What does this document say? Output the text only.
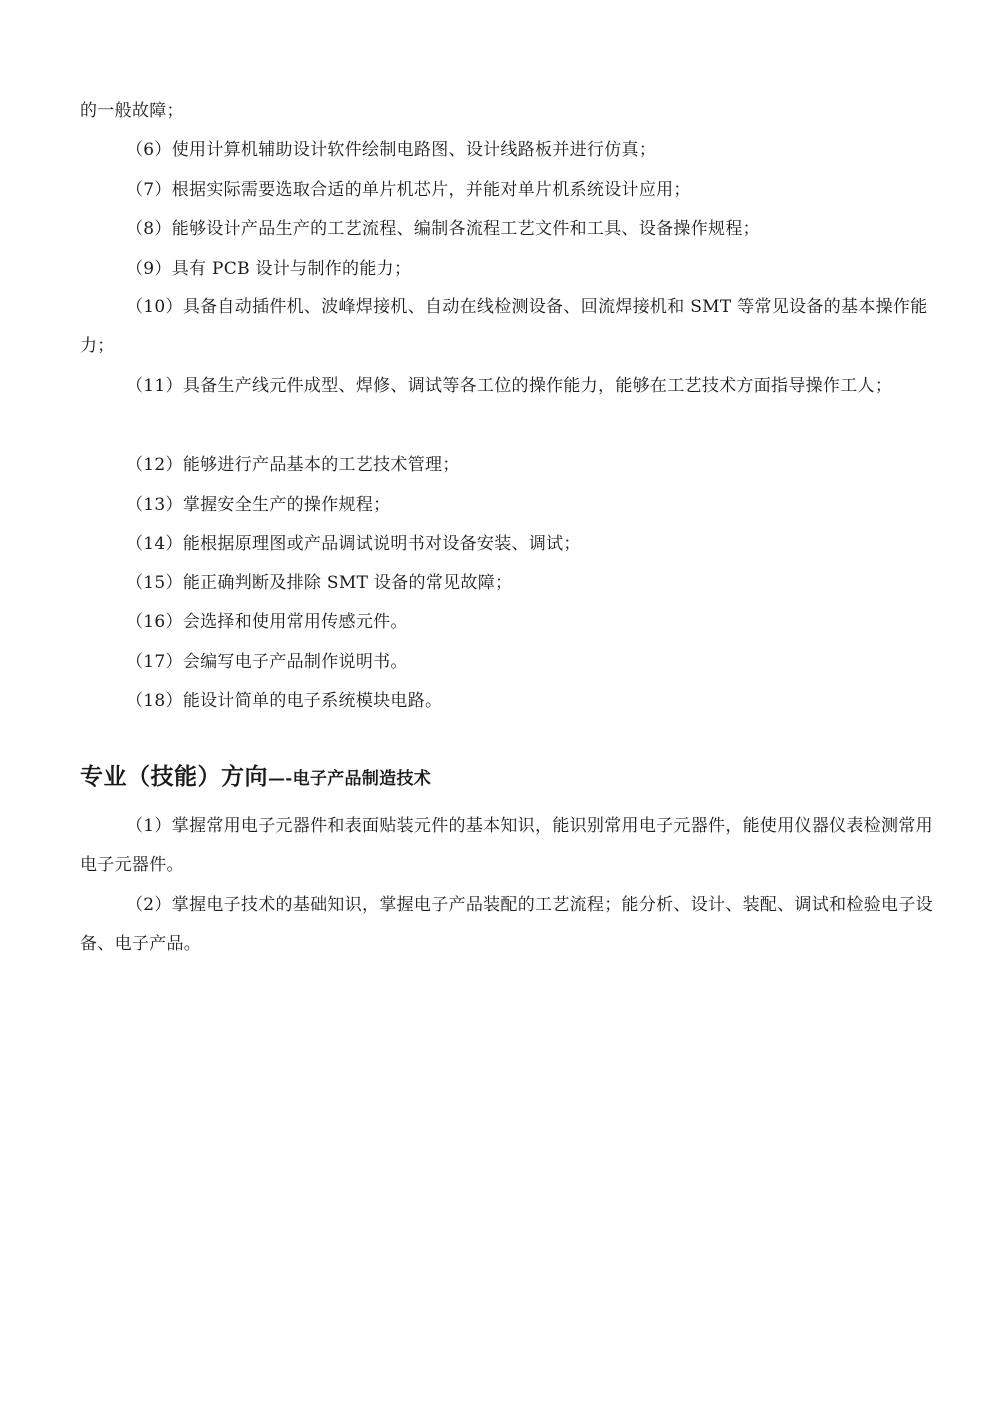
的一般故障；

（6）使用计算机辅助设计软件绘制电路图、设计线路板并进行仿真；

（7）根据实际需要选取合适的单片机芯片，并能对单片机系统设计应用；

（8）能够设计产品生产的工艺流程、编制各流程工艺文件和工具、设备操作规程；

（9）具有 PCB 设计与制作的能力；

（10）具备自动插件机、波峰焊接机、自动在线检测设备、回流焊接机和 SMT 等常见设备的基本操作能力；

（11）具备生产线元件成型、焊修、调试等各工位的操作能力，能够在工艺技术方面指导操作工人；

（12）能够进行产品基本的工艺技术管理；

（13）掌握安全生产的操作规程；

（14）能根据原理图或产品调试说明书对设备安装、调试；

（15）能正确判断及排除 SMT 设备的常见故障；

（16）会选择和使用常用传感元件。

（17）会编写电子产品制作说明书。

（18）能设计简单的电子系统模块电路。

专业（技能）方向—-电子产品制造技术

（1）掌握常用电子元器件和表面贴装元件的基本知识，能识别常用电子元器件，能使用仪器仪表检测常用电子元器件。

（2）掌握电子技术的基础知识，掌握电子产品装配的工艺流程；能分析、设计、装配、调试和检验电子设备、电子产品。
